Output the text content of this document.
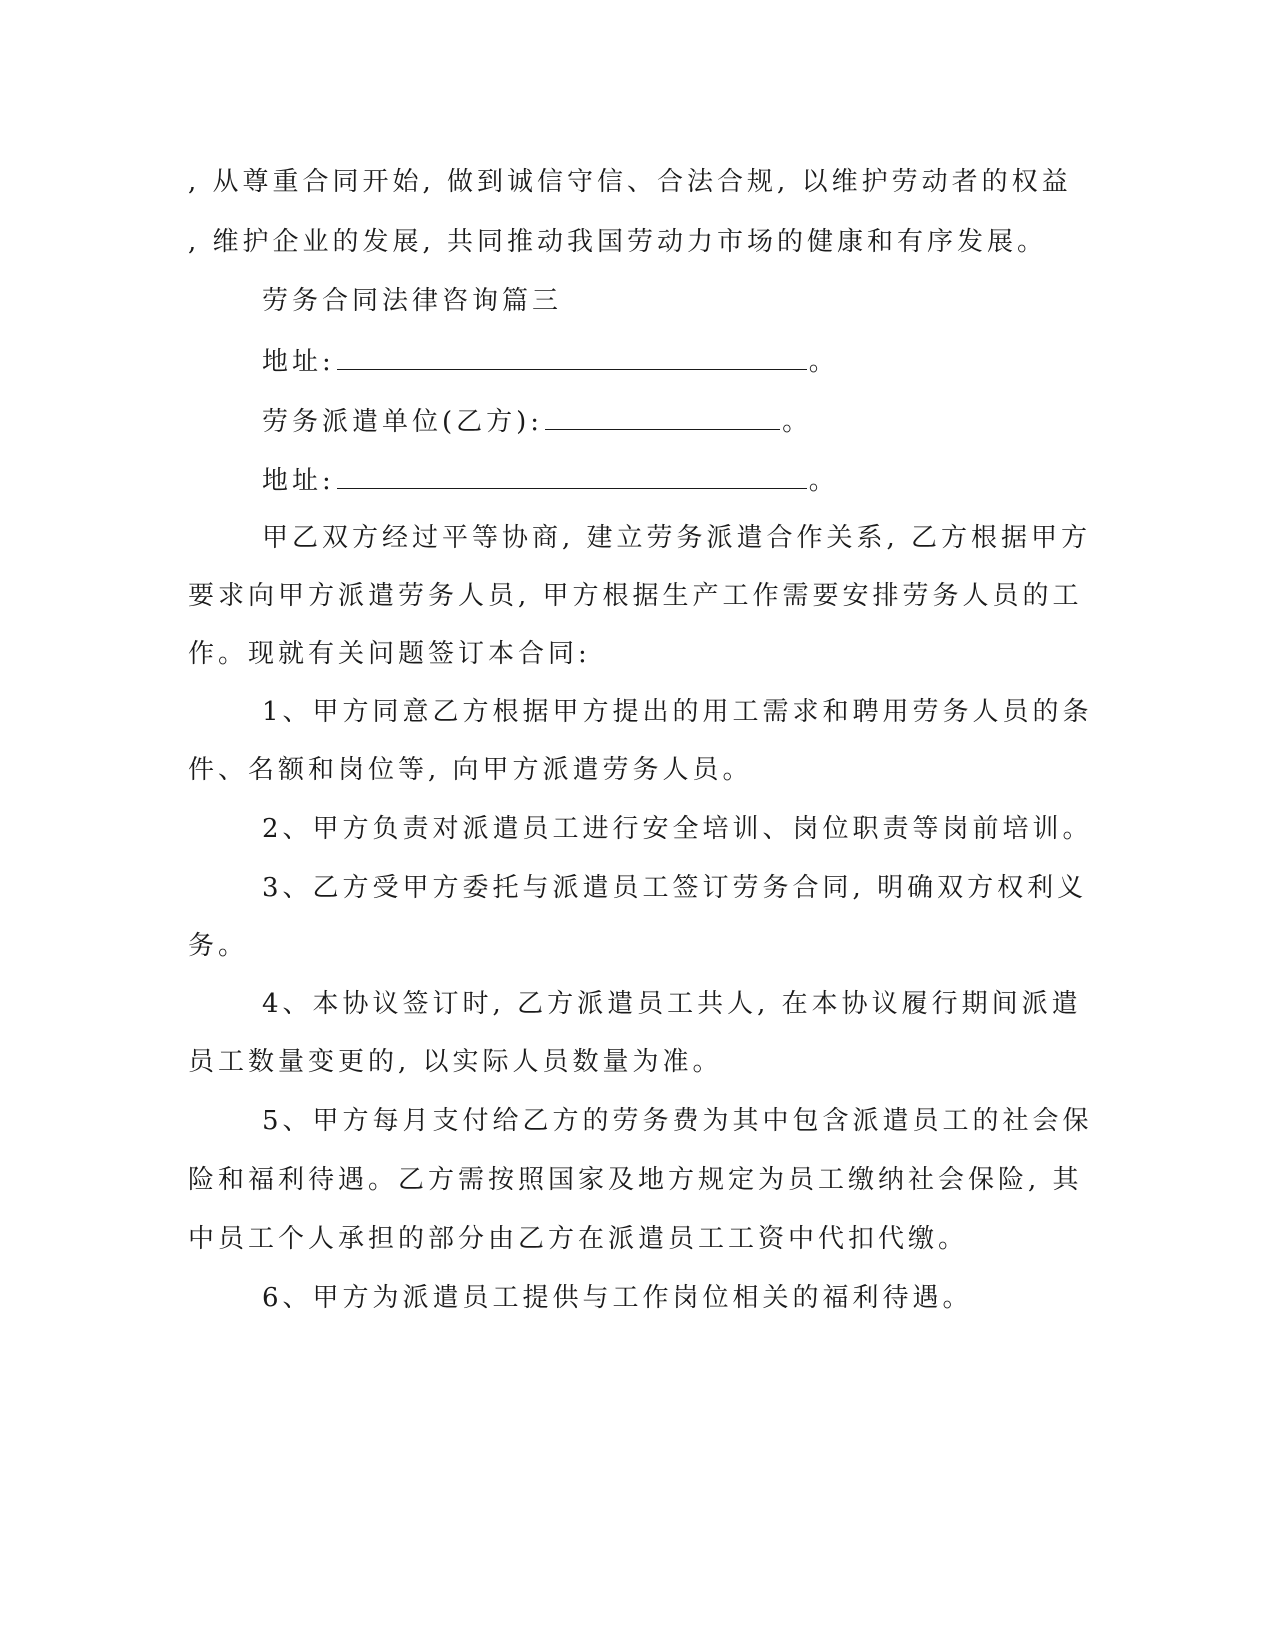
, 从尊重合同开始, 做到诚信守信、合法合规, 以维护劳动者的权益
, 维护企业的发展, 共同推动我国劳动力市场的健康和有序发展。
劳务合同法律咨询篇三
地址:	。
劳务派遣单位(乙方):	。
地址:	。
甲乙双方经过平等协商, 建立劳务派遣合作关系, 乙方根据甲方
要求向甲方派遣劳务人员, 甲方根据生产工作需要安排劳务人员的工
作。现就有关问题签订本合同:
1、甲方同意乙方根据甲方提出的用工需求和聘用劳务人员的条
件、名额和岗位等, 向甲方派遣劳务人员。
2、甲方负责对派遣员工进行安全培训、岗位职责等岗前培训。
3、乙方受甲方委托与派遣员工签订劳务合同, 明确双方权利义
务。
4、本协议签订时, 乙方派遣员工共人, 在本协议履行期间派遣
员工数量变更的, 以实际人员数量为准。
5、甲方每月支付给乙方的劳务费为其中包含派遣员工的社会保
险和福利待遇。乙方需按照国家及地方规定为员工缴纳社会保险, 其
中员工个人承担的部分由乙方在派遣员工工资中代扣代缴。
6、甲方为派遣员工提供与工作岗位相关的福利待遇。
